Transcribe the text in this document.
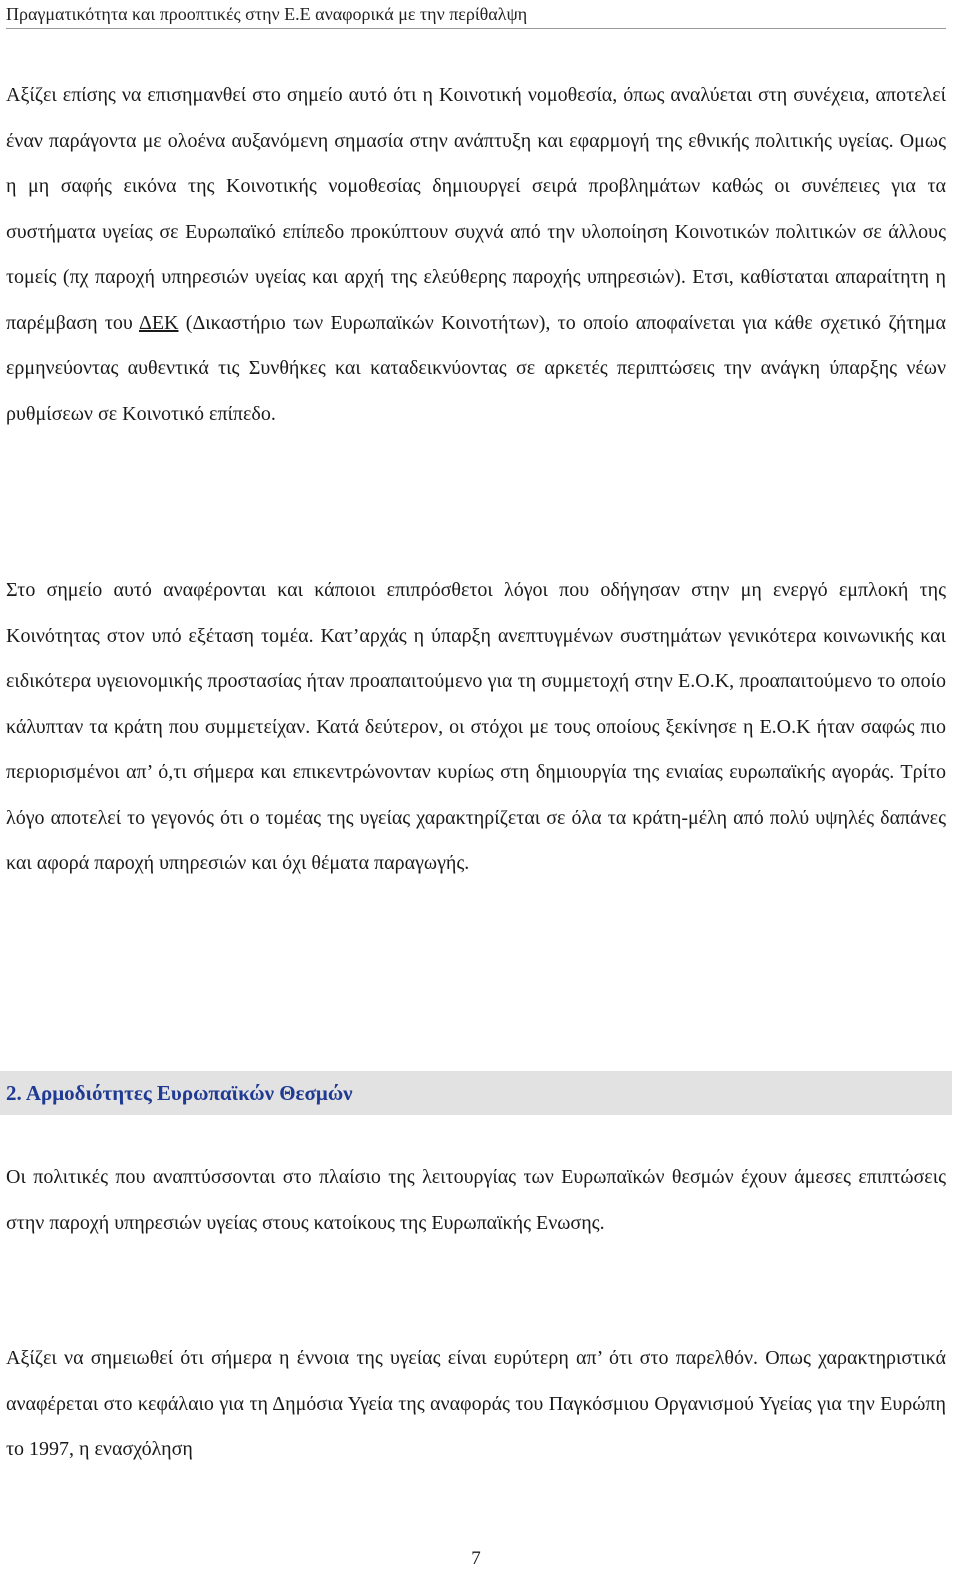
Πραγματικότητα και προοπτικές στην Ε.Ε αναφορικά με την περίθαλψη

Αξίζει επίσης να επισημανθεί στο σημείο αυτό ότι η Κοινοτική νομοθεσία, όπως αναλύεται στη συνέχεια, αποτελεί έναν παράγοντα με ολοένα αυξανόμενη σημασία στην ανάπτυξη και εφαρμογή της εθνικής πολιτικής υγείας. Ομως η μη σαφής εικόνα της Κοινοτικής νομοθεσίας δημιουργεί σειρά προβλημάτων καθώς οι συνέπειες για τα συστήματα υγείας σε Ευρωπαϊκό επίπεδο προκύπτουν συχνά από την υλοποίηση Κοινοτικών πολιτικών σε άλλους τομείς (πχ παροχή υπηρεσιών υγείας και αρχή της ελεύθερης παροχής υπηρεσιών). Ετσι, καθίσταται απαραίτητη η παρέμβαση του ΔΕΚ (Δικαστήριο των Ευρωπαϊκών Κοινοτήτων), το οποίο αποφαίνεται για κάθε σχετικό ζήτημα ερμηνεύοντας αυθεντικά τις Συνθήκες και καταδεικνύοντας σε αρκετές περιπτώσεις την ανάγκη ύπαρξης νέων ρυθμίσεων σε Κοινοτικό επίπεδο.

Στο σημείο αυτό αναφέρονται και κάποιοι επιπρόσθετοι λόγοι που οδήγησαν στην μη ενεργό εμπλοκή της Κοινότητας στον υπό εξέταση τομέα. Κατ’αρχάς η ύπαρξη ανεπτυγμένων συστημάτων γενικότερα κοινωνικής και ειδικότερα υγειονομικής προστασίας ήταν προαπαιτούμενο για τη συμμετοχή στην Ε.Ο.Κ, προαπαιτούμενο το οποίο κάλυπταν τα κράτη που συμμετείχαν. Κατά δεύτερον, οι στόχοι με τους οποίους ξεκίνησε η Ε.Ο.Κ ήταν σαφώς πιο περιορισμένοι απ’ ό,τι σήμερα και επικεντρώνονταν κυρίως στη δημιουργία της ενιαίας ευρωπαϊκής αγοράς. Τρίτο λόγο αποτελεί το γεγονός ότι ο τομέας της υγείας χαρακτηρίζεται σε όλα τα κράτη-μέλη από πολύ υψηλές δαπάνες και αφορά παροχή υπηρεσιών και όχι θέματα παραγωγής.

2. Αρμοδιότητες Ευρωπαϊκών Θεσμών

Οι πολιτικές που αναπτύσσονται στο πλαίσιο της λειτουργίας των Ευρωπαϊκών θεσμών έχουν άμεσες επιπτώσεις στην παροχή υπηρεσιών υγείας στους κατοίκους της Ευρωπαϊκής Ενωσης.

Αξίζει να σημειωθεί ότι σήμερα η έννοια της υγείας είναι ευρύτερη απ’ ότι στο παρελθόν. Οπως χαρακτηριστικά αναφέρεται στο κεφάλαιο για τη Δημόσια Υγεία της αναφοράς του Παγκόσμιου Οργανισμού Υγείας για την Ευρώπη το 1997, η ενασχόληση

7
